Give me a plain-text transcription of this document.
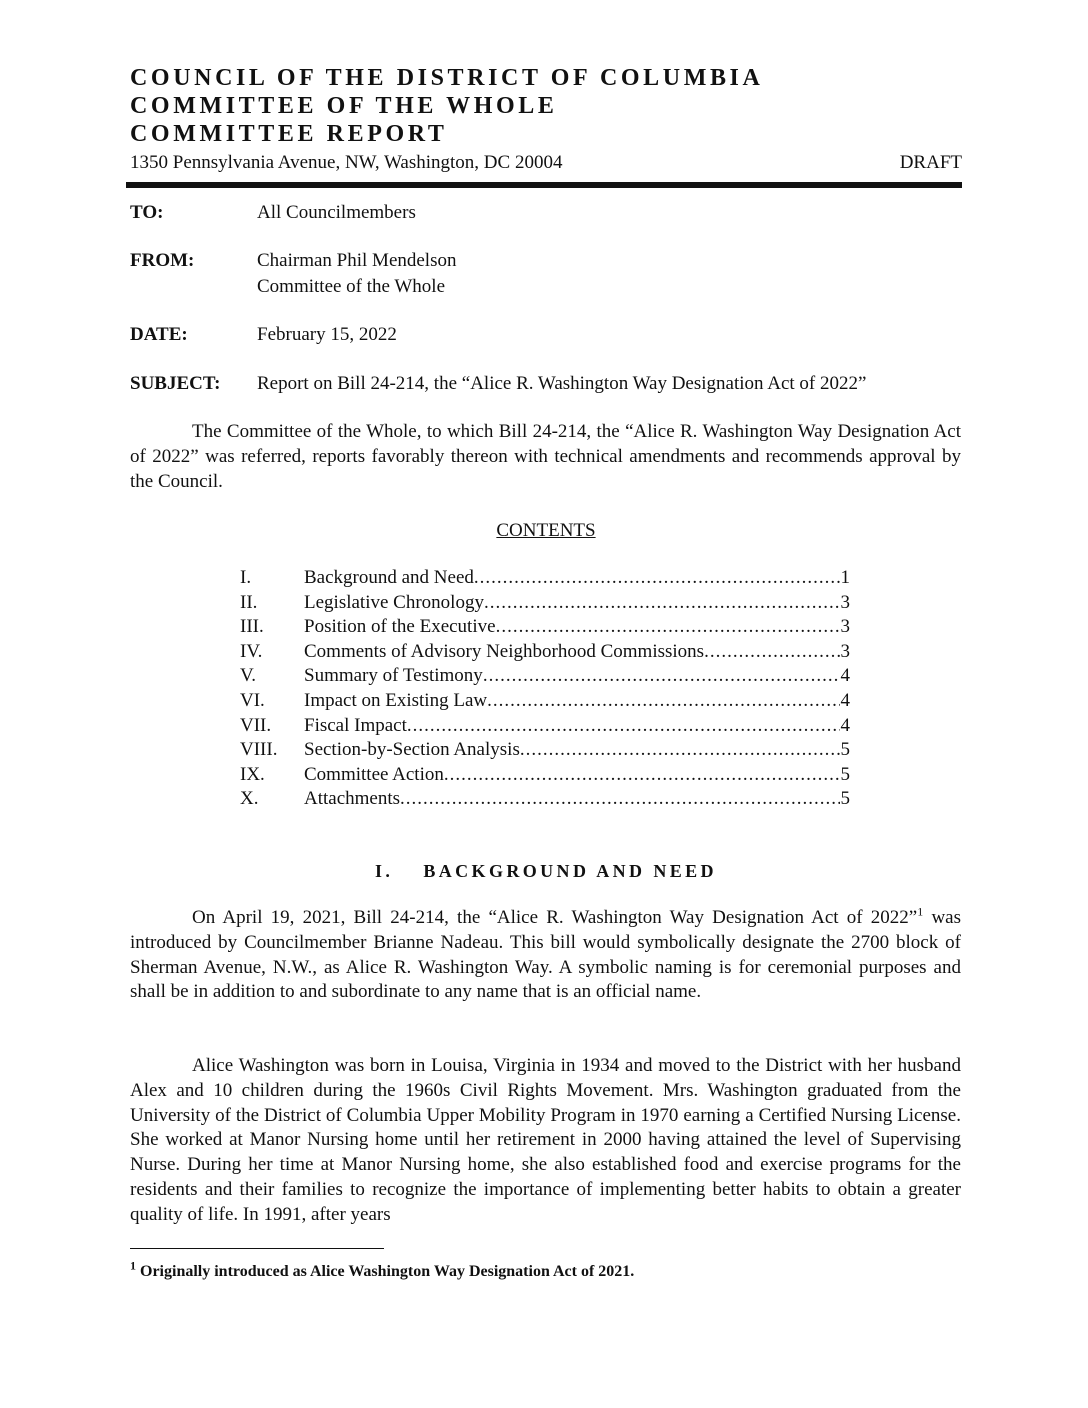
COUNCIL OF THE DISTRICT OF COLUMBIA
COMMITTEE OF THE WHOLE
COMMITTEE REPORT
1350 Pennsylvania Avenue, NW, Washington, DC 20004	DRAFT
TO:	All Councilmembers
FROM:	Chairman Phil Mendelson
Committee of the Whole
DATE:	February 15, 2022
SUBJECT: Report on Bill 24-214, the “Alice R. Washington Way Designation Act of 2022”

The Committee of the Whole, to which Bill 24-214, the “Alice R. Washington Way Designation Act of 2022” was referred, reports favorably thereon with technical amendments and recommends approval by the Council.

CONTENTS
I.	Background and Need .....	1
II.	Legislative Chronology .....	3
III.	Position of the Executive .....	3
IV.	Comments of Advisory Neighborhood Commissions .....	3
V.	Summary of Testimony .....	4
VI.	Impact on Existing Law .....	4
VII.	Fiscal Impact .....	4
VIII.	Section-by-Section Analysis .....	5
IX.	Committee Action .....	5
X.	Attachments .....	5
I. BACKGROUND AND NEED

On April 19, 2021, Bill 24-214, the “Alice R. Washington Way Designation Act of 2022”$^1$ was introduced by Councilmember Brianne Nadeau. This bill would symbolically designate the 2700 block of Sherman Avenue, N.W., as Alice R. Washington Way. A symbolic naming is for ceremonial purposes and shall be in addition to and subordinate to any name that is an official name.

Alice Washington was born in Louisa, Virginia in 1934 and moved to the District with her husband Alex and 10 children during the 1960s Civil Rights Movement. Mrs. Washington graduated from the University of the District of Columbia Upper Mobility Program in 1970 earning a Certified Nursing License. She worked at Manor Nursing home until her retirement in 2000 having attained the level of Supervising Nurse. During her time at Manor Nursing home, she also established food and exercise programs for the residents and their families to recognize the importance of implementing better habits to obtain a greater quality of life. In 1991, after years

$^1$ Originally introduced as Alice Washington Way Designation Act of 2021.
